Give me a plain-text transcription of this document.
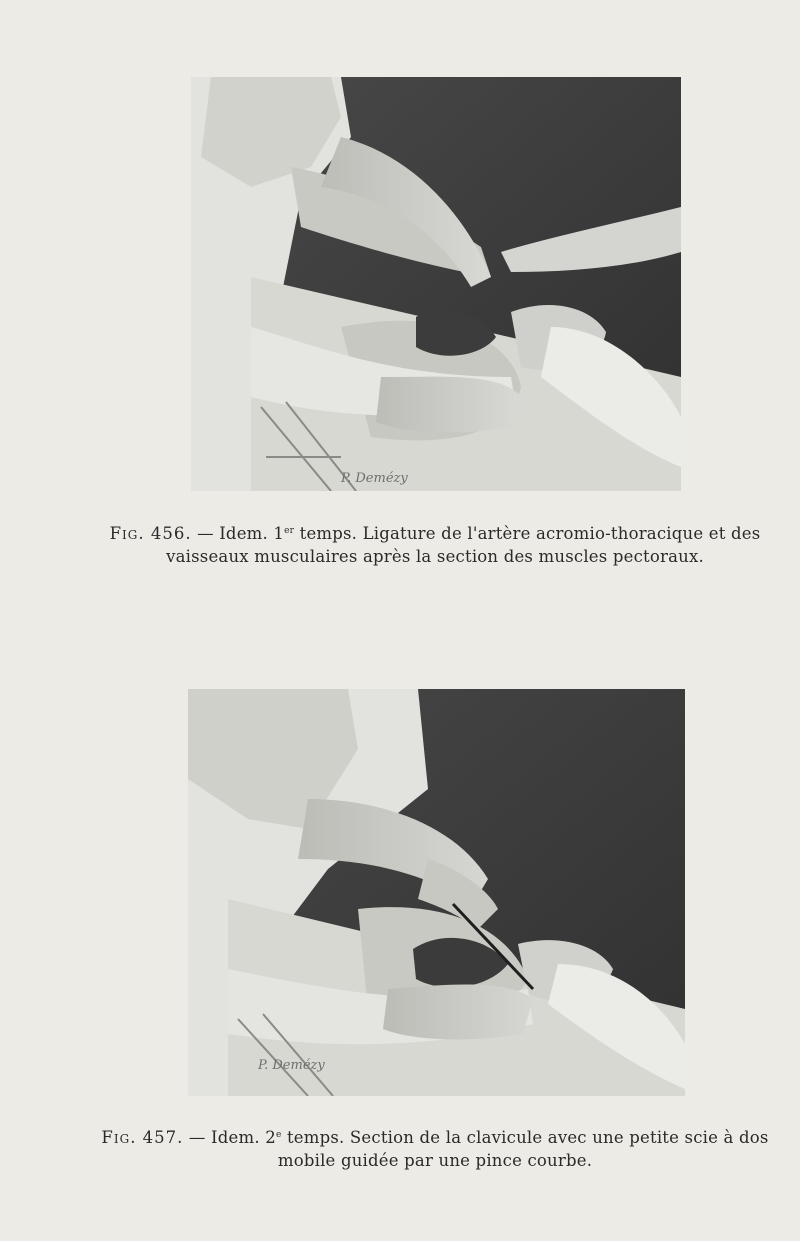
P. Demézy
Fig. 456. — Idem. 1er temps. Ligature de l'artère acromio-thoracique et des
vaisseaux musculaires après la section des muscles pectoraux.
P. Demézy
Fig. 457. — Idem. 2e temps. Section de la clavicule avec une petite scie à dos
mobile guidée par une pince courbe.
